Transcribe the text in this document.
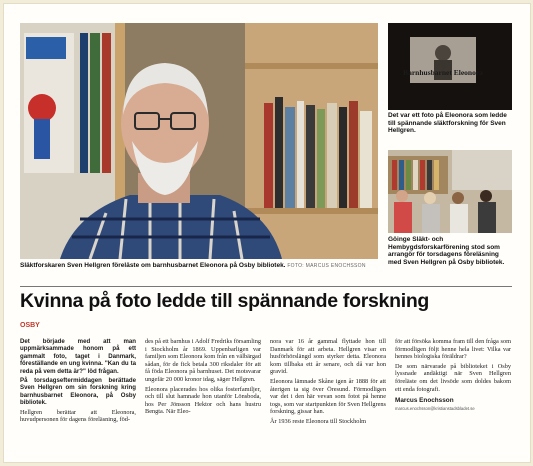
Släktforskaren Sven Hellgren föreläste om barnhusbarnet Eleonora på Osby bibliotek. FOTO: MARCUS ENOCHSSON
Barnhusbarnet Eleonora
Det var ett foto på Eleonora som ledde till spännande släktforskning för Sven Hellgren.
Göinge Släkt- och Hembygdsforskarförening stod som arrangör för torsdagens föreläsning med Sven Hellgren på Osby bibliotek.
Kvinna på foto ledde till spännande forskning
OSBY

Det började med att man uppmärksammade honom på ett gammalt foto, taget i Danmark, föreställande en ung kvinna. "Kan du ta reda på vem detta är?" löd frågan.

På torsdagseftermiddagen berättade Sven Hellgren om sin forskning kring barnhusbarnet Eleonora, på Osby bibliotek.

Hellgren berättar att Eleonora, huvudpersonen för dagens föreläsning, föd-

des på ett barnhus i Adolf Fredriks församling i Stockholm år 1869. Uppenbarligen var familjen som Eleonora kom från en välbärgad sådan, för de fick betala 300 riksdaler för att få föda Eleonora på barnhuset. Det motsvarar ungefär 20 000 kronor idag, säger Hellgren.

Eleonora placerades hos olika fosterfamiljer, och till slut hamnade hon utanför Lönsboda, hos Per Jönsson Hektor och hans hustru Bengta. När Eleo-

nora var 16 år gammal flyttade hon till Danmark för att arbeta. Hellgren visar en husförhörslängd som styrker detta. Eleonora kom tillbaka ett år senare, och då var hon gravid.

Eleonora lämnade Skåne igen år 1888 för att återigen ta sig över Öresund. Förmodligen var det i den här vevan som fotot på henne togs, som var startpunkten för Sven Hellgrens forskning, gissar han.

År 1936 reste Eleonora till Stockholm

för att försöka komma fram till den fråga som förmodligen följt henne hela livet: Vilka var hennes biologiska föräldrar?

De som närvarade på biblioteket i Osby lyssnade andäktigt när Sven Hellgren föreläste om det livsöde som doldes bakom ett enda fotografi.

Marcus Enochsson
marcus.enochsson@kristianstadsbladet.se
